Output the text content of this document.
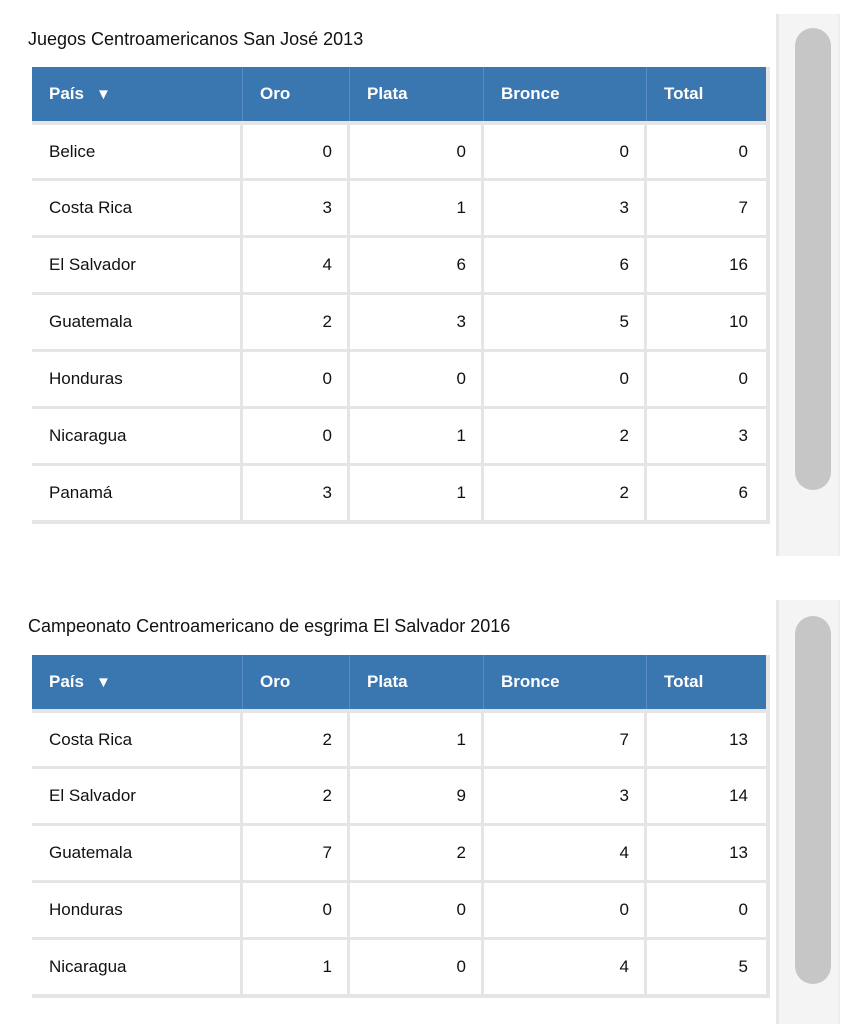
Juegos Centroamericanos San José 2013
País ▼	Oro	Plata	Bronce	Total
Belice	0	0	0	0
Costa Rica	3	1	3	7
El Salvador	4	6	6	16
Guatemala	2	3	5	10
Honduras	0	0	0	0
Nicaragua	0	1	2	3
Panamá	3	1	2	6
Campeonato Centroamericano de esgrima El Salvador 2016
País ▼	Oro	Plata	Bronce	Total
Costa Rica	2	1	7	13
El Salvador	2	9	3	14
Guatemala	7	2	4	13
Honduras	0	0	0	0
Nicaragua	1	0	4	5
